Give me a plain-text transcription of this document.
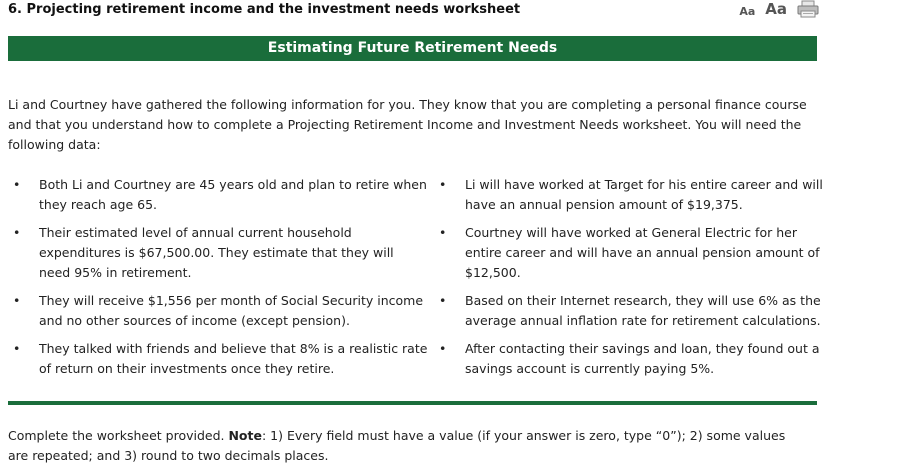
6. Projecting retirement income and the investment needs worksheet	Aa Aa
Estimating Future Retirement Needs
Li and Courtney have gathered the following information for you. They know that you are completing a personal finance course and that you understand how to complete a Projecting Retirement Income and Investment Needs worksheet. You will need the following data:
• Both Li and Courtney are 45 years old and plan to retire when they reach age 65.
• Their estimated level of annual current household expenditures is $67,500.00. They estimate that they will need 95% in retirement.
• They will receive $1,556 per month of Social Security income and no other sources of income (except pension).
• They talked with friends and believe that 8% is a realistic rate of return on their investments once they retire.
• Li will have worked at Target for his entire career and will have an annual pension amount of $19,375.
• Courtney will have worked at General Electric for her entire career and will have an annual pension amount of $12,500.
• Based on their Internet research, they will use 6% as the average annual inflation rate for retirement calculations.
• After contacting their savings and loan, they found out a savings account is currently paying 5%.
Complete the worksheet provided. Note: 1) Every field must have a value (if your answer is zero, type “0”); 2) some values are repeated; and 3) round to two decimals places.
